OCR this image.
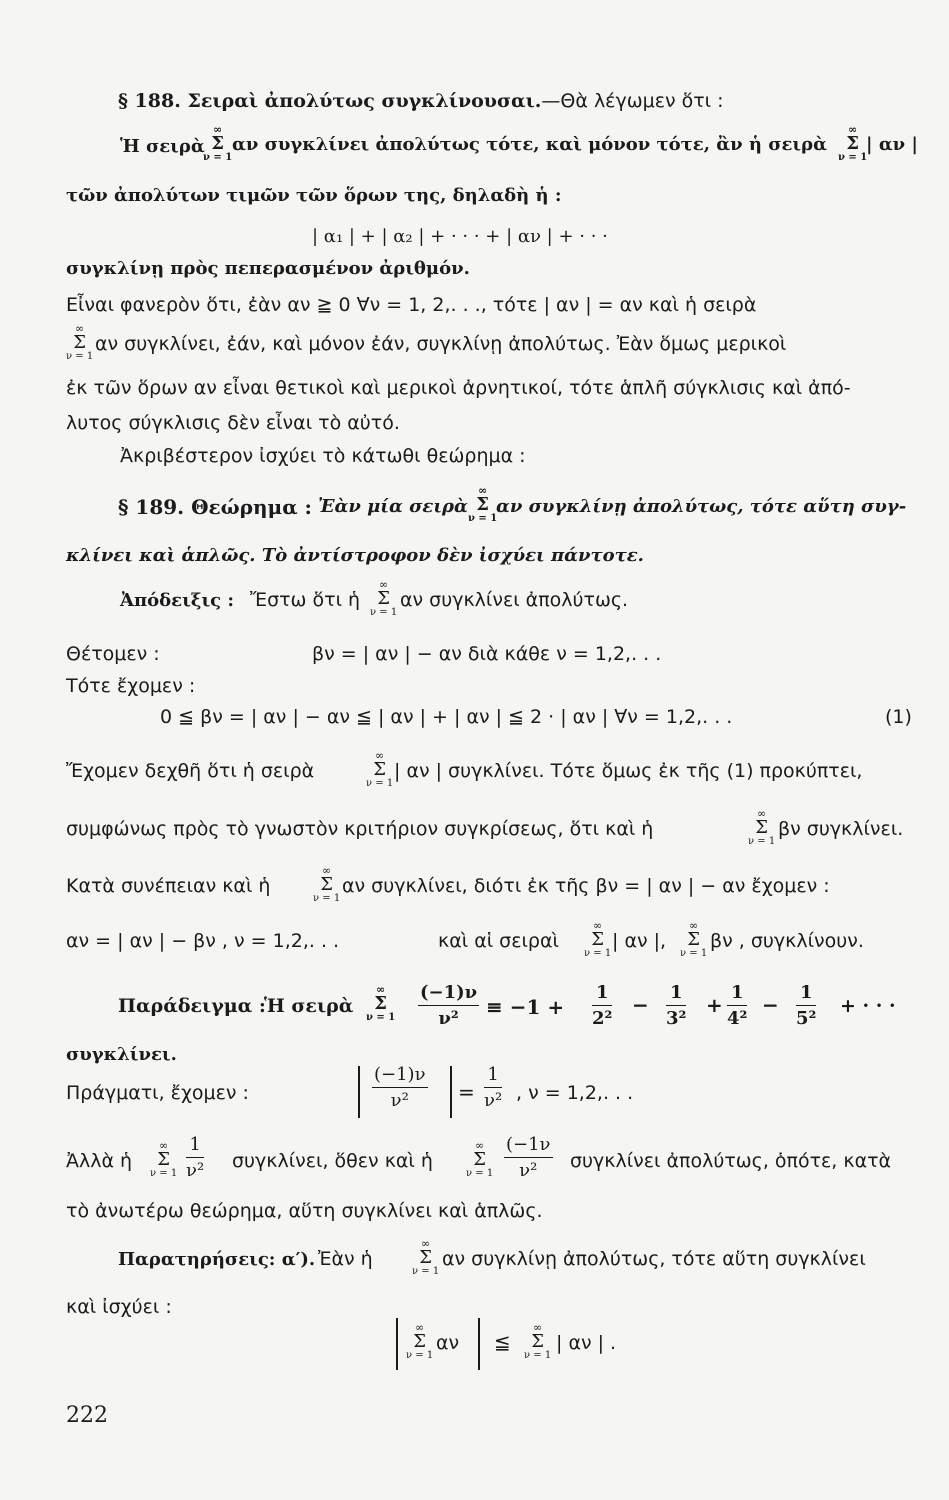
§ 188. Σειραὶ ἀπολύτως συγκλίνουσαι.—Θὰ λέγωμεν ὅτι :
Ἡ σειρὰ
∞
Σ
ν = 1
αν συγκλίνει ἀπολύτως τότε, καὶ μόνον τότε, ἂν ἡ σειρὰ
∞
Σ
ν = 1
| αν |
τῶν ἀπολύτων τιμῶν τῶν ὅρων της, δηλαδὴ ἡ :
| α₁ | + | α₂ | + · · · + | αν | + · · ·
συγκλίνῃ πρὸς πεπερασμένον ἀριθμόν.
Εἶναι φανερὸν ὅτι, ἐὰν αν ≧ 0 ∀ν = 1, 2,. . ., τότε | αν | = αν καὶ ἡ σειρὰ
∞
Σ
ν = 1
αν συγκλίνει, ἐάν, καὶ μόνον ἐάν, συγκλίνῃ ἀπολύτως. Ἐὰν ὅμως μερικοὶ
ἐκ τῶν ὅρων αν εἶναι θετικοὶ καὶ μερικοὶ ἀρνητικοί, τότε ἁπλῆ σύγκλισις καὶ ἀπό-
λυτος σύγκλισις δὲν εἶναι τὸ αὐτό.
Ἀκριβέστερον ἰσχύει τὸ κάτωθι θεώρημα :
§ 189. Θεώρημα : Ἐὰν μία σειρὰ
∞
Σ
ν = 1
αν συγκλίνῃ ἀπολύτως, τότε αὕτη συγ-
κλίνει καὶ ἁπλῶς. Τὸ ἀντίστροφον δὲν ἰσχύει πάντοτε.
Ἀπόδειξις : Ἔστω ὅτι ἡ
∞
Σ
ν = 1
αν συγκλίνει ἀπολύτως.
Θέτομεν :	βν = | αν | − αν διὰ κάθε ν = 1,2,. . .
Τότε ἔχομεν :
0 ≦ βν = | αν | − αν ≦ | αν | + | αν | ≦ 2 · | αν | ∀ν = 1,2,. . .	(1)
Ἔχομεν δεχθῆ ὅτι ἡ σειρὰ
∞
Σ
ν = 1
| αν | συγκλίνει. Τότε ὅμως ἐκ τῆς (1) προκύπτει,
συμφώνως πρὸς τὸ γνωστὸν κριτήριον συγκρίσεως, ὅτι καὶ ἡ
∞
Σ
ν = 1
βν συγκλίνει.
Κατὰ συνέπειαν καὶ ἡ
∞
Σ
ν = 1
αν συγκλίνει, διότι ἐκ τῆς βν = | αν | − αν ἔχομεν :
αν = | αν | − βν , ν = 1,2,. . .	καὶ αἱ σειραὶ
∞
Σ
ν = 1
| αν |,
∞
Σ
ν = 1
βν , συγκλίνουν.
Παράδειγμα :
Ἡ σειρὰ
∞
Σ
$\nu = 1 \frac{(-1)\nu}{\text{ν²}} \equiv -1 + \frac{1}{\text{2²}} - \frac{1}{\text{3²}} + \frac{1}{\text{4²}} - \frac{1}{\text{5²}}$ + · · ·
συγκλίνει.
Πράγματι, ἔχομεν :	$\frac{(-1)\nu}{\text{ν²}} = \frac{1}{\text{ν²}}$ , ν = 1,2,. . .
Ἀλλὰ ἡ
∞
Σ
$\nu = 1 \frac{1}{\text{ν²}} \sigma\upsilon\gamma\kappa\lambda ί\nu\varepsilon\iota$, ὅθεν καὶ ἡ
∞
Σ
$\nu = 1 \frac{(-1\nu}{\text{ν²}}$ συγκλίνει ἀπολύτως, ὁπότε, κατὰ
τὸ ἀνωτέρω θεώρημα, αὕτη συγκλίνει καὶ ἁπλῶς.
Παρατηρήσεις: α′). Ἐὰν ἡ
∞
Σ
ν = 1
αν συγκλίνῃ ἀπολύτως, τότε αὕτη συγκλίνει
καὶ ἰσχύει :
∞
Σ
ν = 1
αν ≦
∞
Σ
ν = 1
| αν | .
222
